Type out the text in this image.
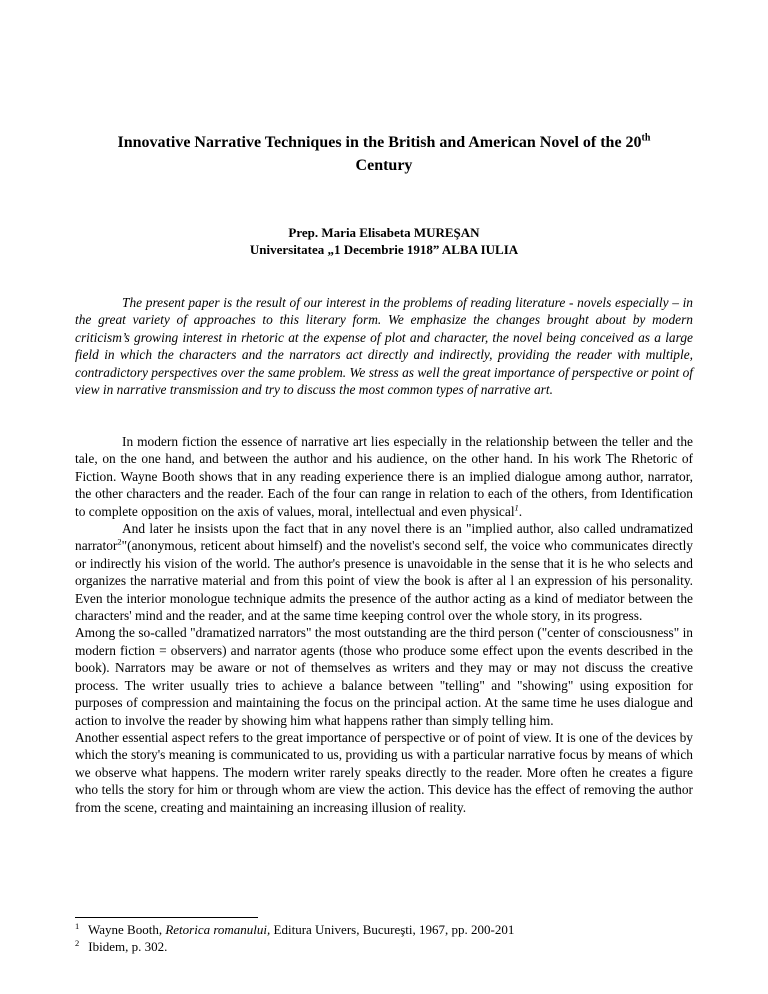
Innovative Narrative Techniques in the British and American Novel of the 20th
Century
Prep. Maria Elisabeta MUREŞAN
Universitatea „1 Decembrie 1918” ALBA IULIA

The present paper is the result of our interest in the problems of reading literature - novels especially – in the great variety of approaches to this literary form. We emphasize the changes brought about by modern criticism’s growing interest in rhetoric at the expense of plot and character, the novel being conceived as a large field in which the characters and the narrators act directly and indirectly, providing the reader with multiple, contradictory perspectives over the same problem. We stress as well the great importance of perspective or point of view in narrative transmission and try to discuss the most common types of narrative art.

In modern fiction the essence of narrative art lies especially in the relationship between the teller and the tale, on the one hand, and between the author and his audience, on the other hand. In his work The Rhetoric of Fiction. Wayne Booth shows that in any reading experience there is an implied dialogue among author, narrator, the other characters and the reader. Each of the four can range in relation to each of the others, from Identification to complete opposition on the axis of values, moral, intellectual and even physical$^1$.

And later he insists upon the fact that in any novel there is an "implied author, also called undramatized narrator$^2$"(anonymous, reticent about himself) and the novelist's second self, the voice who communicates directly or indirectly his vision of the world. The author's presence is unavoidable in the sense that it is he who selects and organizes the narrative material and from this point of view the book is after al l an expression of his personality. Even the interior monologue technique admits the presence of the author acting as a kind of mediator between the characters' mind and the reader, and at the same time keeping control over the whole story, in its progress.

Among the so-called "dramatized narrators" the most outstanding are the third person ("center of consciousness" in modern fiction = observers) and narrator agents (those who produce some effect upon the events described in the book). Narrators may be aware or not of themselves as writers and they may or may not discuss the creative process. The writer usually tries to achieve a balance between "telling" and "showing" using exposition for purposes of compression and maintaining the focus on the principal action. At the same time he uses dialogue and action to involve the reader by showing him what happens rather than simply telling him.

Another essential aspect refers to the great importance of perspective or of point of view. It is one of the devices by which the story's meaning is communicated to us, providing us with a particular narrative focus by means of which we observe what happens. The modern writer rarely speaks directly to the reader. More often he creates a figure who tells the story for him or through whom are view the action. This device has the effect of removing the author from the scene, creating and maintaining an increasing illusion of reality.

1 Wayne Booth, Retorica romanului, Editura Univers, Bucureşti, 1967, pp. 200-201
2 Ibidem, p. 302.
